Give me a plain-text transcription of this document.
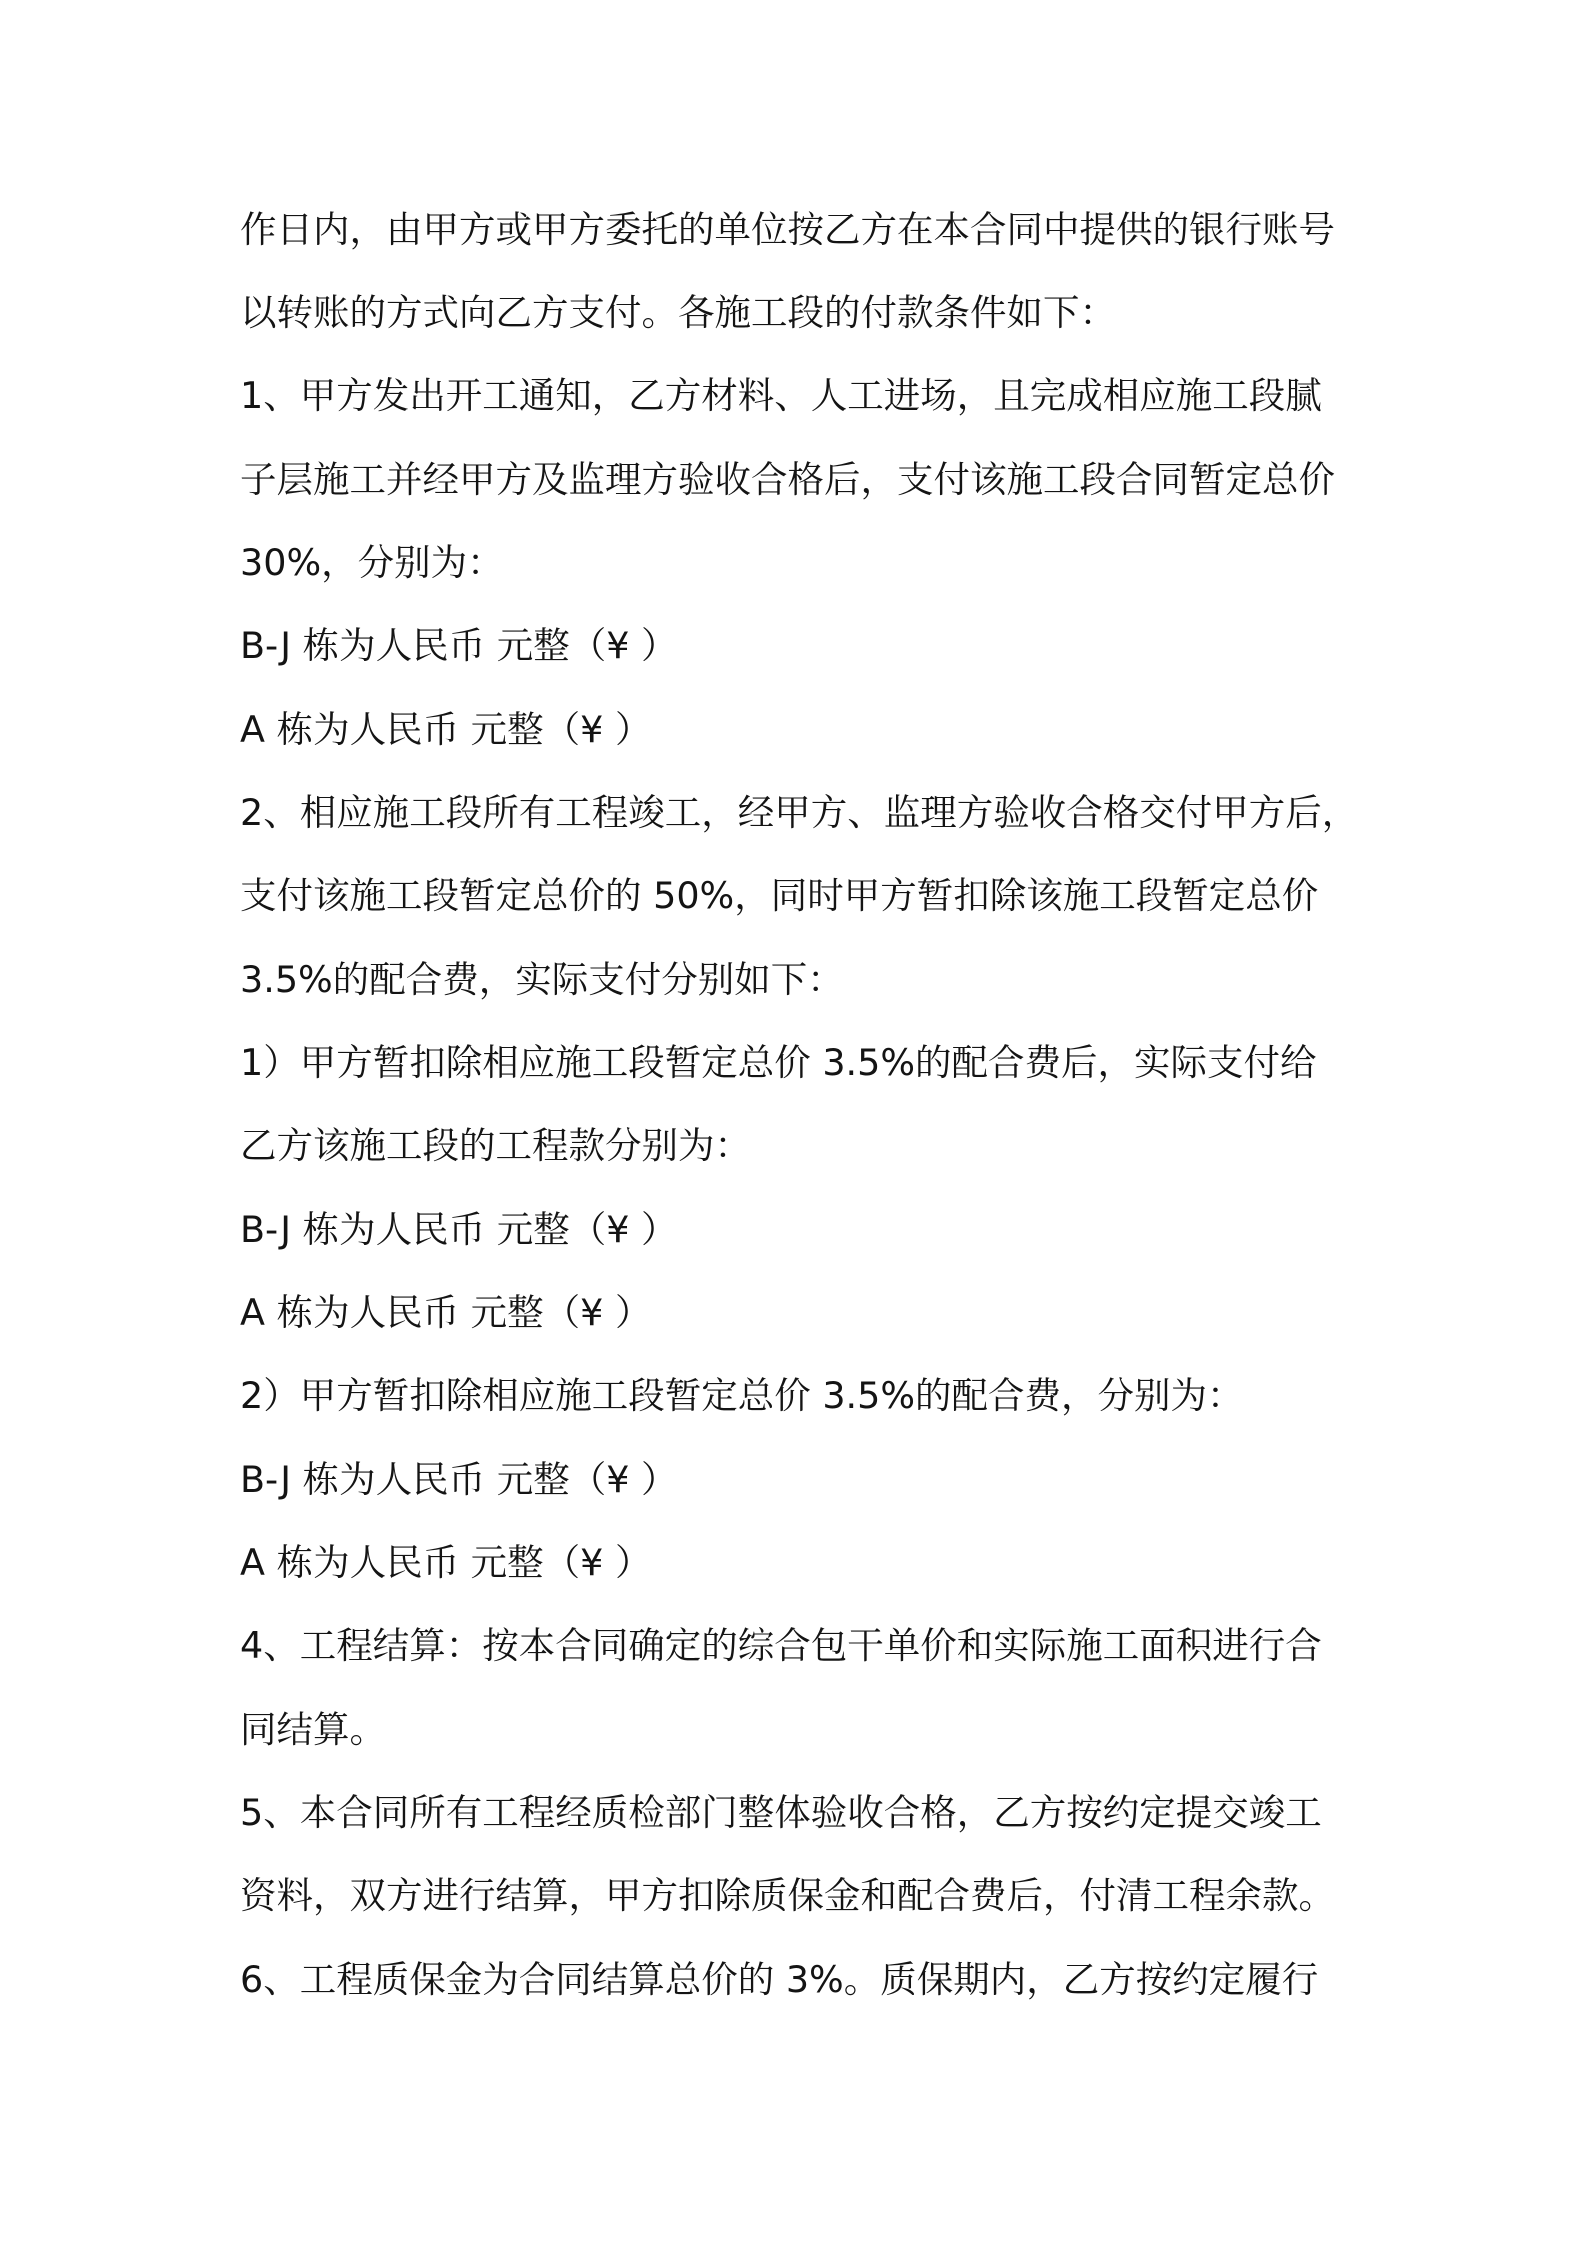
作日内，由甲方或甲方委托的单位按乙方在本合同中提供的银行账号
以转账的方式向乙方支付。各施工段的付款条件如下：
1、甲方发出开工通知，乙方材料、人工进场，且完成相应施工段腻
子层施工并经甲方及监理方验收合格后，支付该施工段合同暂定总价
30%，分别为：
B-J 栋为人民币 元整（¥ ）
A 栋为人民币 元整（¥ ）
2、相应施工段所有工程竣工，经甲方、监理方验收合格交付甲方后，
支付该施工段暂定总价的 50%，同时甲方暂扣除该施工段暂定总价
3.5%的配合费，实际支付分别如下：
1）甲方暂扣除相应施工段暂定总价 3.5%的配合费后，实际支付给
乙方该施工段的工程款分别为：
B-J 栋为人民币 元整（¥ ）
A 栋为人民币 元整（¥ ）
2）甲方暂扣除相应施工段暂定总价 3.5%的配合费，分别为：
B-J 栋为人民币 元整（¥ ）
A 栋为人民币 元整（¥ ）
4、工程结算：按本合同确定的综合包干单价和实际施工面积进行合
同结算。
5、本合同所有工程经质检部门整体验收合格，乙方按约定提交竣工
资料，双方进行结算，甲方扣除质保金和配合费后，付清工程余款。
6、工程质保金为合同结算总价的 3%。质保期内，乙方按约定履行
